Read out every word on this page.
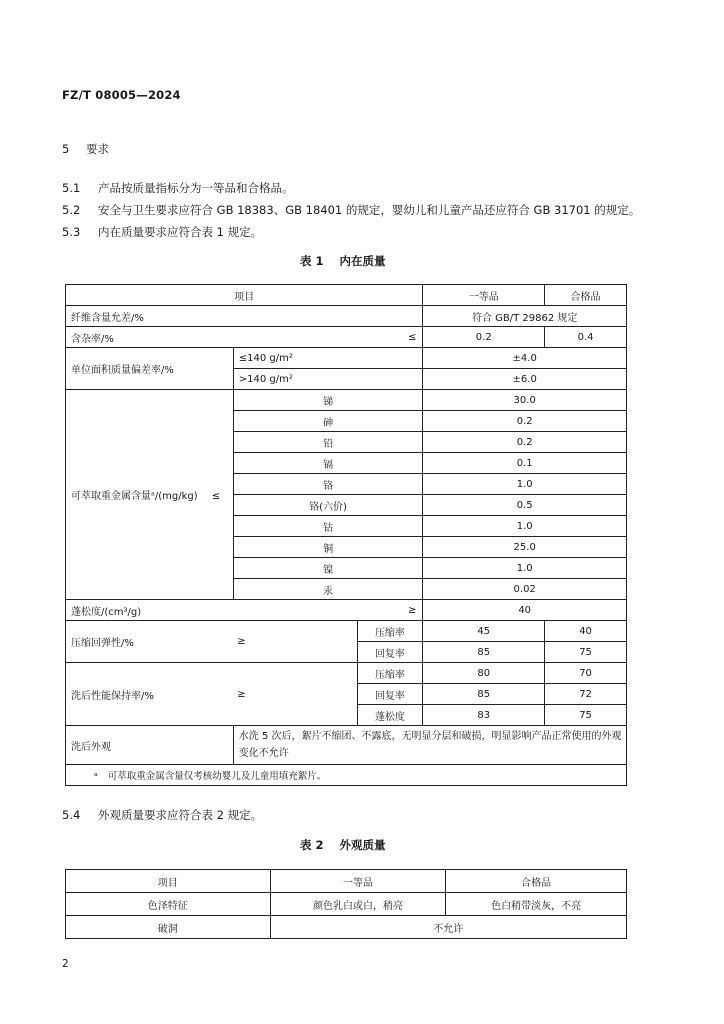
FZ/T 08005—2024
5 要求
5.1 产品按质量指标分为一等品和合格品。
5.2 安全与卫生要求应符合 GB 18383、GB 18401 的规定，婴幼儿和儿童产品还应符合 GB 31701 的规定。
5.3 内在质量要求应符合表 1 规定。
表 1 内在质量
项目			一等品	合格品
纤维含量允差/%			符合 GB/T 29862 规定	
含杂率/%		≤	0.2	0.4
单位面积质量偏差率/%	≤140 g/m²		±4.0	
	>140 g/m²		±6.0	
可萃取重金属含量ᵃ/(mg/kg) ≤	锑		30.0	
	砷		0.2	
	铅		0.2	
	镉		0.1	
	铬		1.0	
	铬(六价)		0.5	
	钴		1.0	
	铜		25.0	
	镍		1.0	
	汞		0.02	
蓬松度/(cm³/g)		≥	40	
压缩回弹性/%	≥	压缩率	45	40
		回复率	85	75
洗后性能保持率/%	≥	压缩率	80	70
		回复率	85	72
		蓬松度	83	75
洗后外观	水洗 5 次后，絮片不缩团、不露底，无明显分层和破损，明显影响产品正常使用的外观变化不允许			
ᵃ 可萃取重金属含量仅考核幼婴儿及儿童用填充絮片。				
5.4 外观质量要求应符合表 2 规定。
表 2 外观质量
项目	一等品	合格品
色泽特征	颜色乳白或白，稍亮	色白稍带淡灰，不亮
破洞	不允许	
2
